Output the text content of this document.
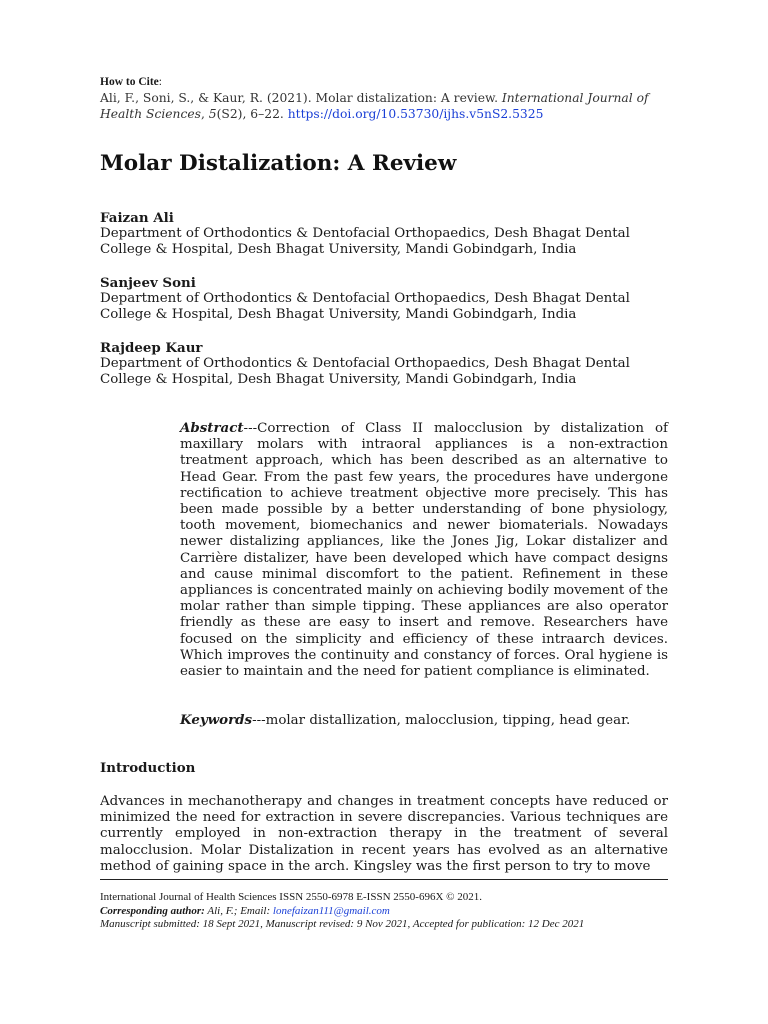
How to Cite:
Ali, F., Soni, S., & Kaur, R. (2021). Molar distalization: A review. International Journal of Health Sciences, 5(S2), 6–22. https://doi.org/10.53730/ijhs.v5nS2.5325
Molar Distalization: A Review
Faizan Ali
Department of Orthodontics & Dentofacial Orthopaedics, Desh Bhagat Dental College & Hospital, Desh Bhagat University, Mandi Gobindgarh, India
Sanjeev Soni
Department of Orthodontics & Dentofacial Orthopaedics, Desh Bhagat Dental College & Hospital, Desh Bhagat University, Mandi Gobindgarh, India
Rajdeep Kaur
Department of Orthodontics & Dentofacial Orthopaedics, Desh Bhagat Dental College & Hospital, Desh Bhagat University, Mandi Gobindgarh, India

Abstract---Correction of Class II malocclusion by distalization of maxillary molars with intraoral appliances is a non-extraction treatment approach, which has been described as an alternative to Head Gear. From the past few years, the procedures have undergone rectification to achieve treatment objective more precisely. This has been made possible by a better understanding of bone physiology, tooth movement, biomechanics and newer biomaterials. Nowadays newer distalizing appliances, like the Jones Jig, Lokar distalizer and Carrière distalizer, have been developed which have compact designs and cause minimal discomfort to the patient. Refinement in these appliances is concentrated mainly on achieving bodily movement of the molar rather than simple tipping. These appliances are also operator friendly as these are easy to insert and remove. Researchers have focused on the simplicity and efficiency of these intraarch devices. Which improves the continuity and constancy of forces. Oral hygiene is easier to maintain and the need for patient compliance is eliminated.

Keywords---molar distallization, malocclusion, tipping, head gear.

Introduction

Advances in mechanotherapy and changes in treatment concepts have reduced or minimized the need for extraction in severe discrepancies. Various techniques are currently employed in non-extraction therapy in the treatment of several malocclusion. Molar Distalization in recent years has evolved as an alternative method of gaining space in the arch. Kingsley was the first person to try to move

International Journal of Health Sciences ISSN 2550-6978 E-ISSN 2550-696X © 2021.
Corresponding author: Ali, F.; Email: lonefaizan111@gmail.com
Manuscript submitted: 18 Sept 2021, Manuscript revised: 9 Nov 2021, Accepted for publication: 12 Dec 2021
